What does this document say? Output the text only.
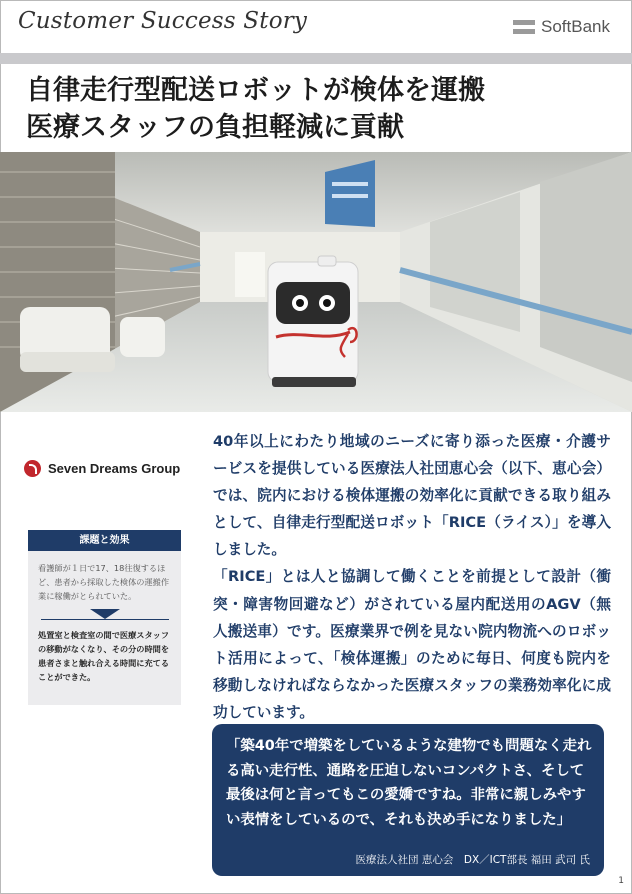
Customer Success Story	SoftBank
自律走行型配送ロボットが検体を運搬
医療スタッフの負担軽減に貢献
Seven Dreams Group
課題と効果
看護師が１日で17、18往復するほど、患者から採取した検体の運搬作業に稼働がとられていた。
処置室と検査室の間で医療スタッフの移動がなくなり、その分の時間を患者さまと触れ合える時間に充てることができた。

40年以上にわたり地域のニーズに寄り添った医療・介護サービスを提供している医療法人社団恵心会（以下、恵心会）では、院内における検体運搬の効率化に貢献できる取り組みとして、自律走行型配送ロボット「RICE（ライス）」を導入しました。

「RICE」とは人と協調して働くことを前提として設計（衝突・障害物回避など）がされている屋内配送用のAGV（無人搬送車）です。医療業界で例を見ない院内物流へのロボット活用によって、「検体運搬」のために毎日、何度も院内を移動しなければならなかった医療スタッフの業務効率化に成功しています。

「築40年で増築をしているような建物でも問題なく走れる高い走行性、通路を圧迫しないコンパクトさ、そして最後は何と言ってもこの愛嬌ですね。非常に親しみやすい表情をしているので、それも決め手になりました」
医療法人社団 恵心会　DX／ICT部長 福田 武司 氏
1
